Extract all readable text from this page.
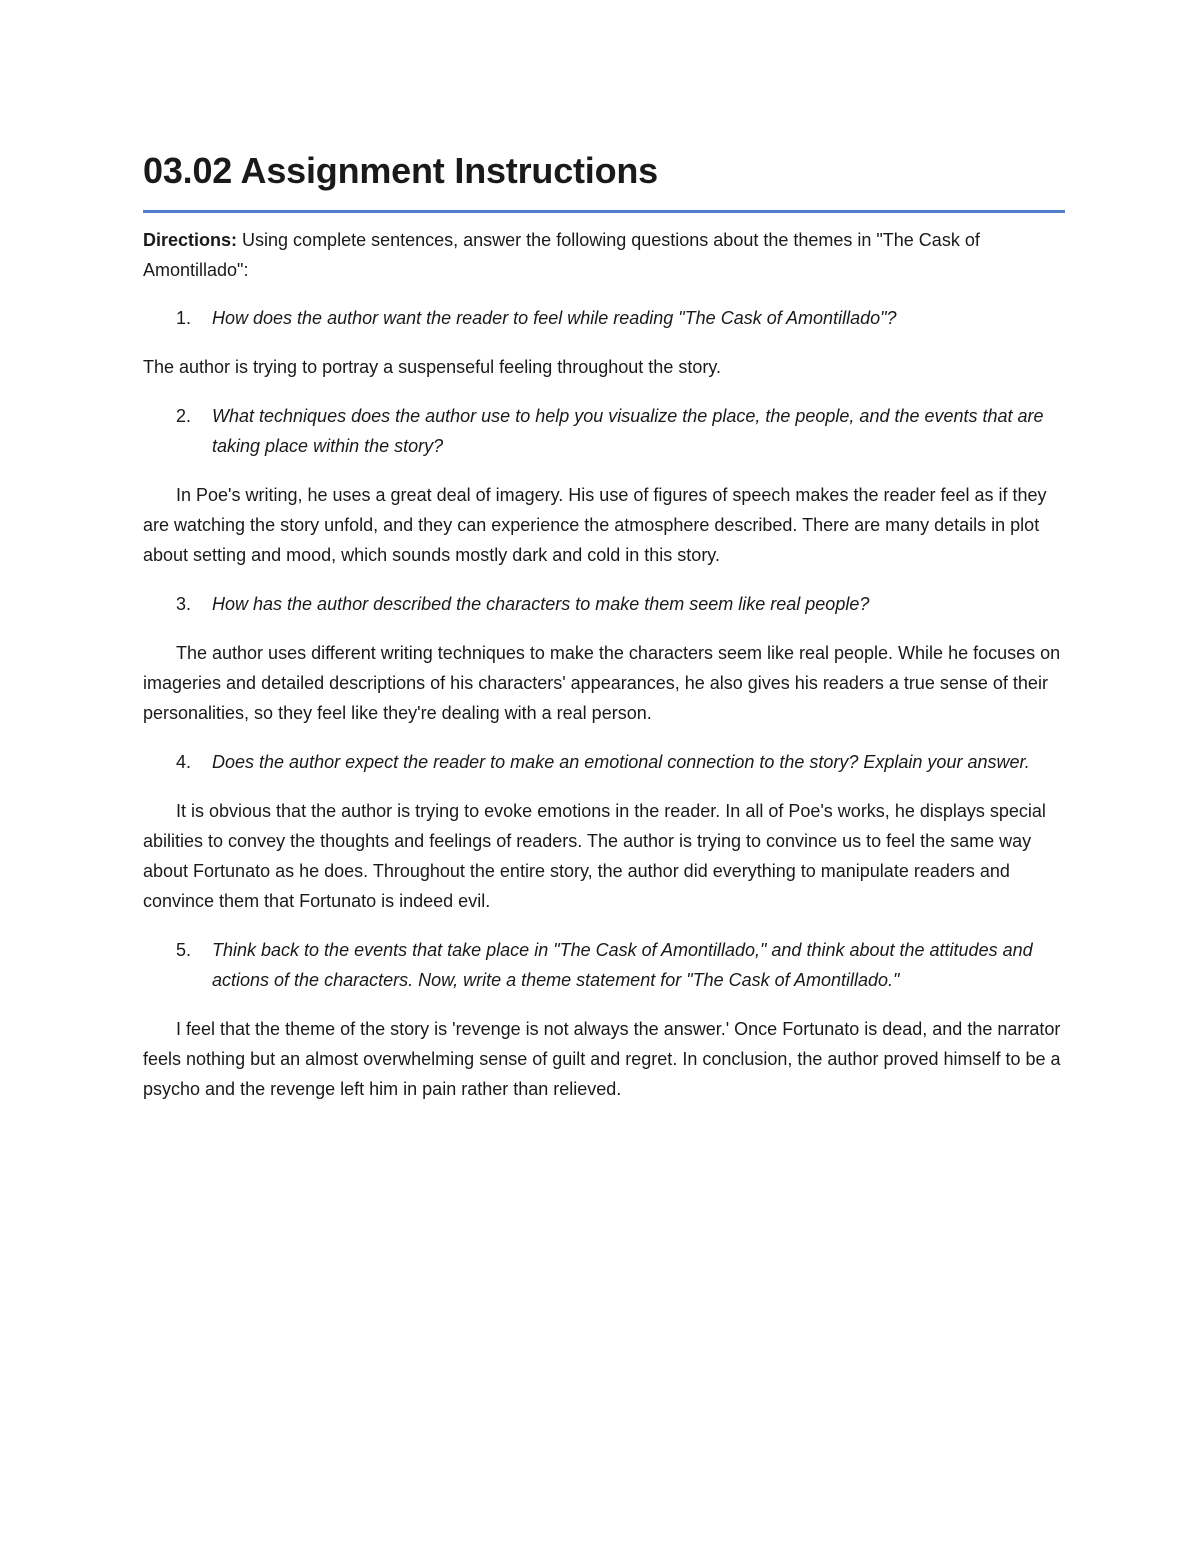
03.02 Assignment Instructions

Directions: Using complete sentences, answer the following questions about the themes in "The Cask of Amontillado":

1.	How does the author want the reader to feel while reading "The Cask of Amontillado"?

The author is trying to portray a suspenseful feeling throughout the story.

2.	What techniques does the author use to help you visualize the place, the people, and the events that are taking place within the story?

In Poe's writing, he uses a great deal of imagery. His use of figures of speech makes the reader feel as if they are watching the story unfold, and they can experience the atmosphere described. There are many details in plot about setting and mood, which sounds mostly dark and cold in this story.

3.	How has the author described the characters to make them seem like real people?

The author uses different writing techniques to make the characters seem like real people. While he focuses on imageries and detailed descriptions of his characters' appearances, he also gives his readers a true sense of their personalities, so they feel like they're dealing with a real person.

4.	Does the author expect the reader to make an emotional connection to the story? Explain your answer.

It is obvious that the author is trying to evoke emotions in the reader. In all of Poe's works, he displays special abilities to convey the thoughts and feelings of readers. The author is trying to convince us to feel the same way about Fortunato as he does. Throughout the entire story, the author did everything to manipulate readers and convince them that Fortunato is indeed evil.

5.	Think back to the events that take place in "The Cask of Amontillado," and think about the attitudes and actions of the characters. Now, write a theme statement for "The Cask of Amontillado."

I feel that the theme of the story is 'revenge is not always the answer.' Once Fortunato is dead, and the narrator feels nothing but an almost overwhelming sense of guilt and regret. In conclusion, the author proved himself to be a psycho and the revenge left him in pain rather than relieved.
